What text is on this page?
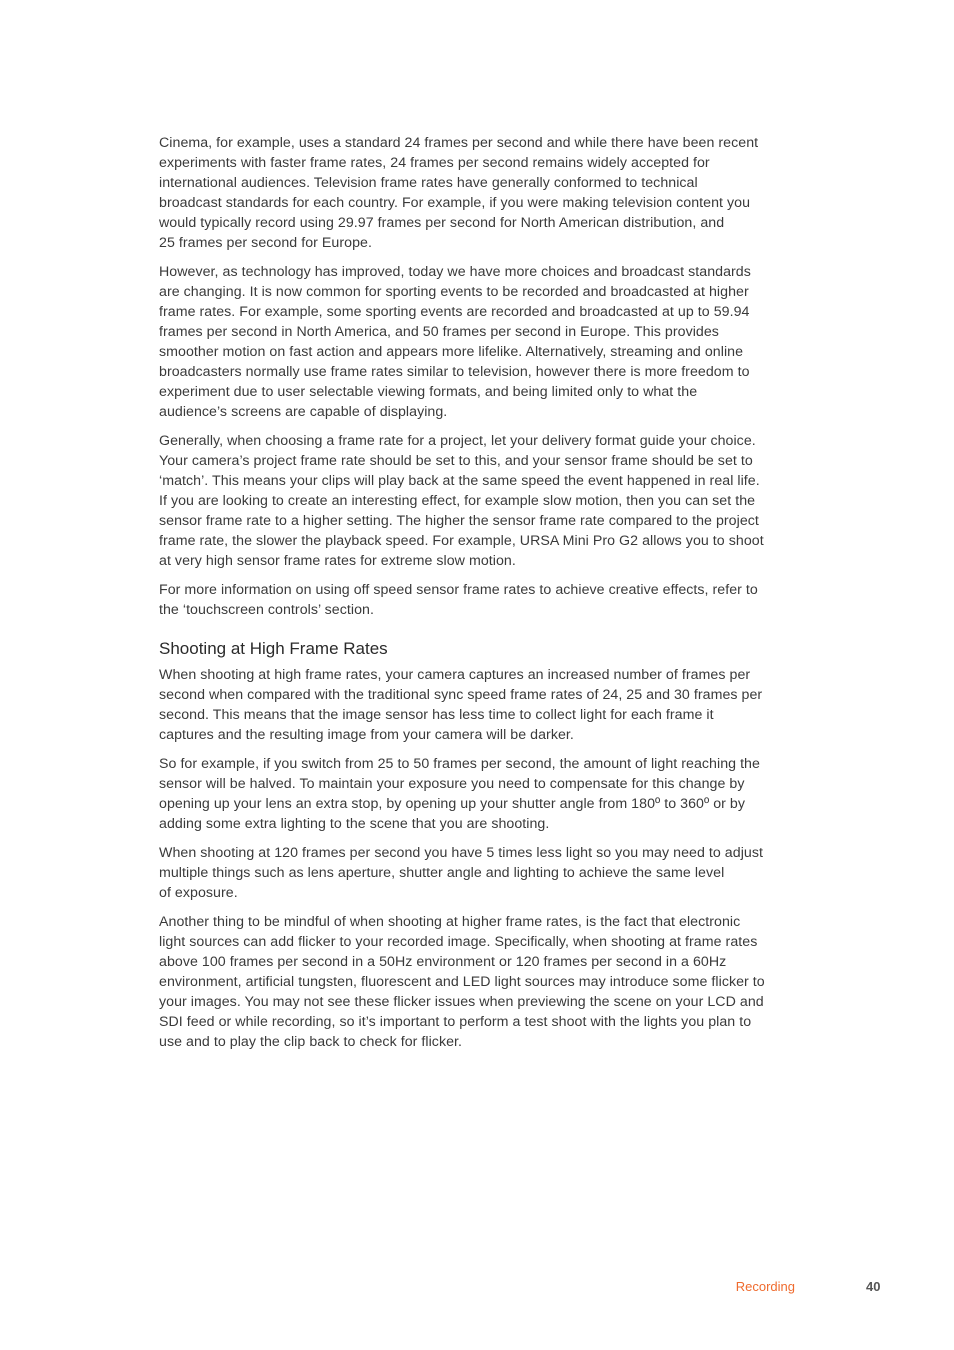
Cinema, for example, uses a standard 24 frames per second and while there have been recent
experiments with faster frame rates, 24 frames per second remains widely accepted for
international audiences. Television frame rates have generally conformed to technical
broadcast standards for each country. For example, if you were making television content you
would typically record using 29.97 frames per second for North American distribution, and
25 frames per second for Europe.

However, as technology has improved, today we have more choices and broadcast standards
are changing. It is now common for sporting events to be recorded and broadcasted at higher
frame rates. For example, some sporting events are recorded and broadcasted at up to 59.94
frames per second in North America, and 50 frames per second in Europe. This provides
smoother motion on fast action and appears more lifelike. Alternatively, streaming and online
broadcasters normally use frame rates similar to television, however there is more freedom to
experiment due to user selectable viewing formats, and being limited only to what the
audience’s screens are capable of displaying.

Generally, when choosing a frame rate for a project, let your delivery format guide your choice.
Your camera’s project frame rate should be set to this, and your sensor frame should be set to
‘match’. This means your clips will play back at the same speed the event happened in real life.
If you are looking to create an interesting effect, for example slow motion, then you can set the
sensor frame rate to a higher setting. The higher the sensor frame rate compared to the project
frame rate, the slower the playback speed. For example, URSA Mini Pro G2 allows you to shoot
at very high sensor frame rates for extreme slow motion.

For more information on using off speed sensor frame rates to achieve creative effects, refer to
the ‘touchscreen controls’ section.

Shooting at High Frame Rates

When shooting at high frame rates, your camera captures an increased number of frames per
second when compared with the traditional sync speed frame rates of 24, 25 and 30 frames per
second. This means that the image sensor has less time to collect light for each frame it
captures and the resulting image from your camera will be darker.

So for example, if you switch from 25 to 50 frames per second, the amount of light reaching the
sensor will be halved. To maintain your exposure you need to compensate for this change by
opening up your lens an extra stop, by opening up your shutter angle from 180º to 360º or by
adding some extra lighting to the scene that you are shooting.

When shooting at 120 frames per second you have 5 times less light so you may need to adjust
multiple things such as lens aperture, shutter angle and lighting to achieve the same level
of exposure.

Another thing to be mindful of when shooting at higher frame rates, is the fact that electronic
light sources can add flicker to your recorded image. Specifically, when shooting at frame rates
above 100 frames per second in a 50Hz environment or 120 frames per second in a 60Hz
environment, artificial tungsten, fluorescent and LED light sources may introduce some flicker to
your images. You may not see these flicker issues when previewing the scene on your LCD and
SDI feed or while recording, so it’s important to perform a test shoot with the lights you plan to
use and to play the clip back to check for flicker.

Recording	40
